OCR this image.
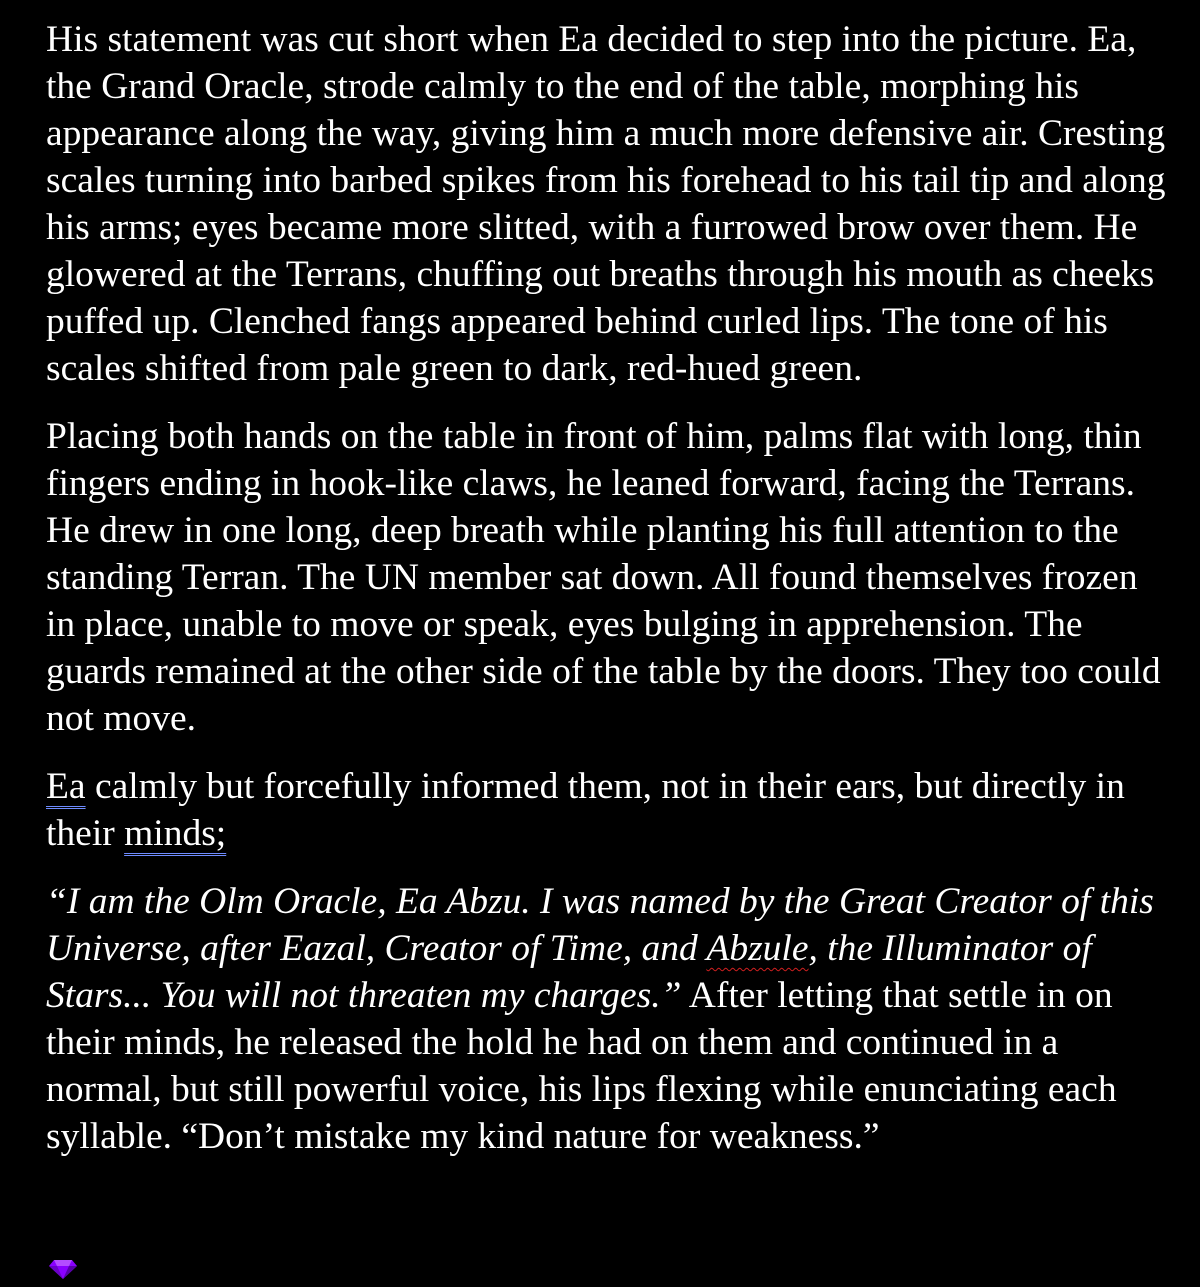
His statement was cut short when Ea decided to step into the picture. Ea, the Grand Oracle, strode calmly to the end of the table, morphing his appearance along the way, giving him a much more defensive air. Cresting scales turning into barbed spikes from his forehead to his tail tip and along his arms; eyes became more slitted, with a furrowed brow over them. He glowered at the Terrans, chuffing out breaths through his mouth as cheeks puffed up. Clenched fangs appeared behind curled lips. The tone of his scales shifted from pale green to dark, red-hued green.

Placing both hands on the table in front of him, palms flat with long, thin fingers ending in hook-like claws, he leaned forward, facing the Terrans. He drew in one long, deep breath while planting his full attention to the standing Terran. The UN member sat down. All found themselves frozen in place, unable to move or speak, eyes bulging in apprehension. The guards remained at the other side of the table by the doors. They too could not move.

Ea calmly but forcefully informed them, not in their ears, but directly in their minds;

“I am the Olm Oracle, Ea Abzu. I was named by the Great Creator of this Universe, after Eazal, Creator of Time, and Abzule, the Illuminator of Stars... You will not threaten my charges.” After letting that settle in on their minds, he released the hold he had on them and continued in a normal, but still powerful voice, his lips flexing while enunciating each syllable. “Don’t mistake my kind nature for weakness.”
